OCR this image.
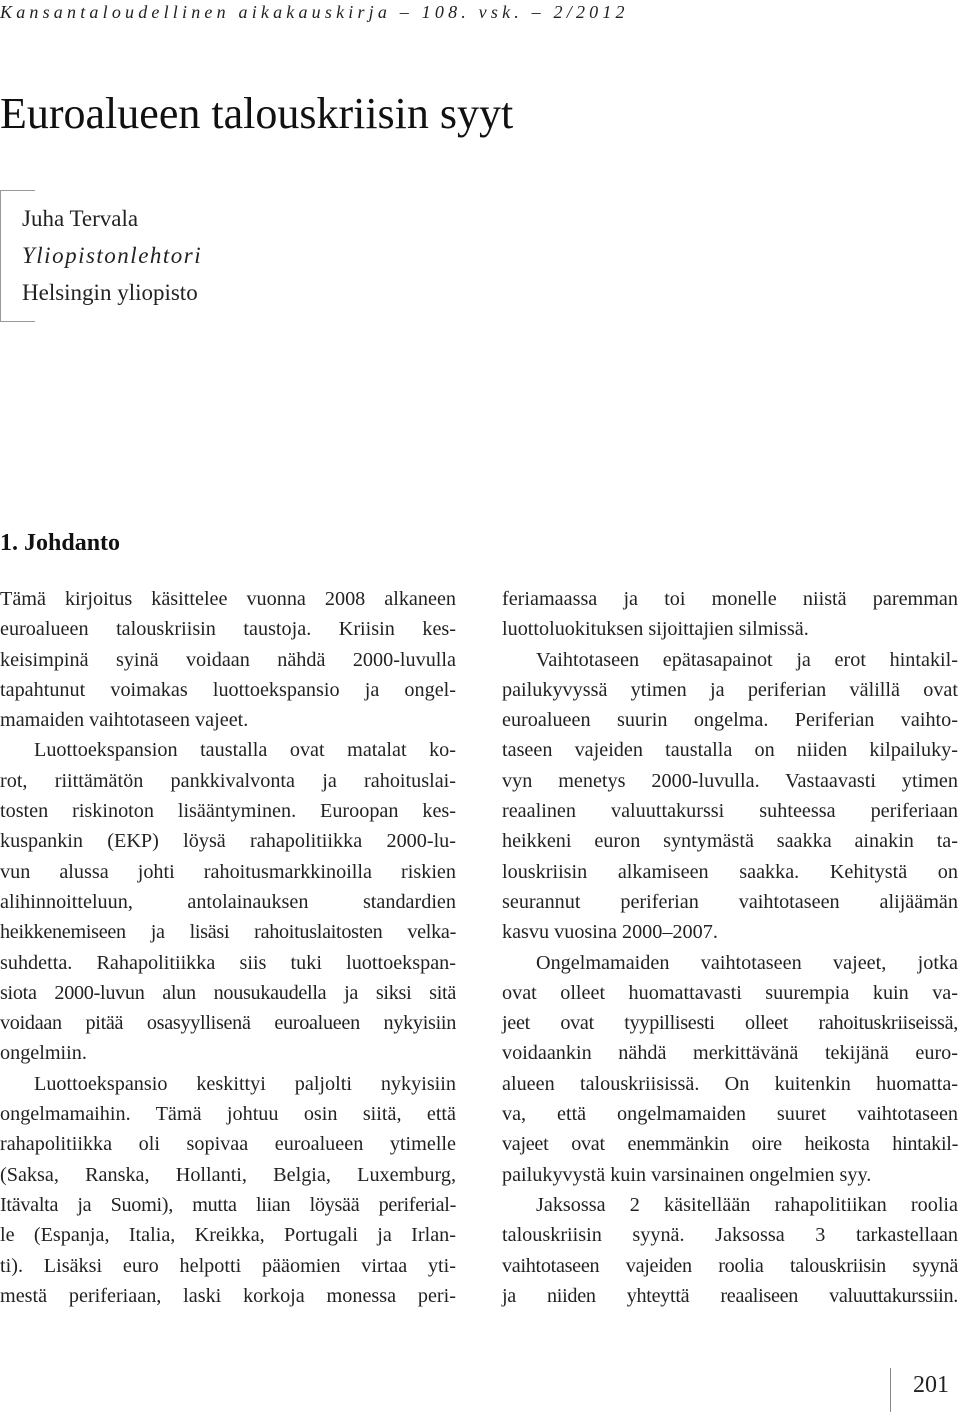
Kansantaloudellinen aikakauskirja – 108. vsk. – 2/2012
Euroalueen talouskriisin syyt
Juha Tervala
Yliopistonlehtori
Helsingin yliopisto
1. Johdanto
Tämä kirjoitus käsittelee vuonna 2008 alkaneen
euroalueen talouskriisin taustoja. Kriisin kes-
keisimpinä syinä voidaan nähdä 2000-luvulla
tapahtunut voimakas luottoekspansio ja ongel-
mamaiden vaihtotaseen vajeet.
Luottoekspansion taustalla ovat matalat ko-
rot, riittämätön pankkivalvonta ja rahoituslai-
tosten riskinoton lisääntyminen. Euroopan kes-
kuspankin (EKP) löysä rahapolitiikka 2000-lu-
vun alussa johti rahoitusmarkkinoilla riskien
alihinnoitteluun, antolainauksen standardien
heikkenemiseen ja lisäsi rahoituslaitosten velka-
suhdetta. Rahapolitiikka siis tuki luottoekspan-
siota 2000-luvun alun nousukaudella ja siksi sitä
voidaan pitää osasyyllisenä euroalueen nykyisiin
ongelmiin.
Luottoekspansio keskittyi paljolti nykyisiin
ongelmamaihin. Tämä johtuu osin siitä, että
rahapolitiikka oli sopivaa euroalueen ytimelle
(Saksa, Ranska, Hollanti, Belgia, Luxemburg,
Itävalta ja Suomi), mutta liian löysää periferial-
le (Espanja, Italia, Kreikka, Portugali ja Irlan-
ti). Lisäksi euro helpotti pääomien virtaa yti-
mestä periferiaan, laski korkoja monessa peri-
feriamaassa ja toi monelle niistä paremman
luottoluokituksen sijoittajien silmissä.
Vaihtotaseen epätasapainot ja erot hintakil-
pailukyvyssä ytimen ja periferian välillä ovat
euroalueen suurin ongelma. Periferian vaihto-
taseen vajeiden taustalla on niiden kilpailuky-
vyn menetys 2000-luvulla. Vastaavasti ytimen
reaalinen valuuttakurssi suhteessa periferiaan
heikkeni euron syntymästä saakka ainakin ta-
louskriisin alkamiseen saakka. Kehitystä on
seurannut periferian vaihtotaseen alijäämän
kasvu vuosina 2000–2007.
Ongelmamaiden vaihtotaseen vajeet, jotka
ovat olleet huomattavasti suurempia kuin va-
jeet ovat tyypillisesti olleet rahoituskriiseissä,
voidaankin nähdä merkittävänä tekijänä euro-
alueen talouskriisissä. On kuitenkin huomatta-
va, että ongelmamaiden suuret vaihtotaseen
vajeet ovat enemmänkin oire heikosta hintakil-
pailukyvystä kuin varsinainen ongelmien syy.
Jaksossa 2 käsitellään rahapolitiikan roolia
talouskriisin syynä. Jaksossa 3 tarkastellaan
vaihtotaseen vajeiden roolia talouskriisin syynä
ja niiden yhteyttä reaaliseen valuuttakurssiin.
201
